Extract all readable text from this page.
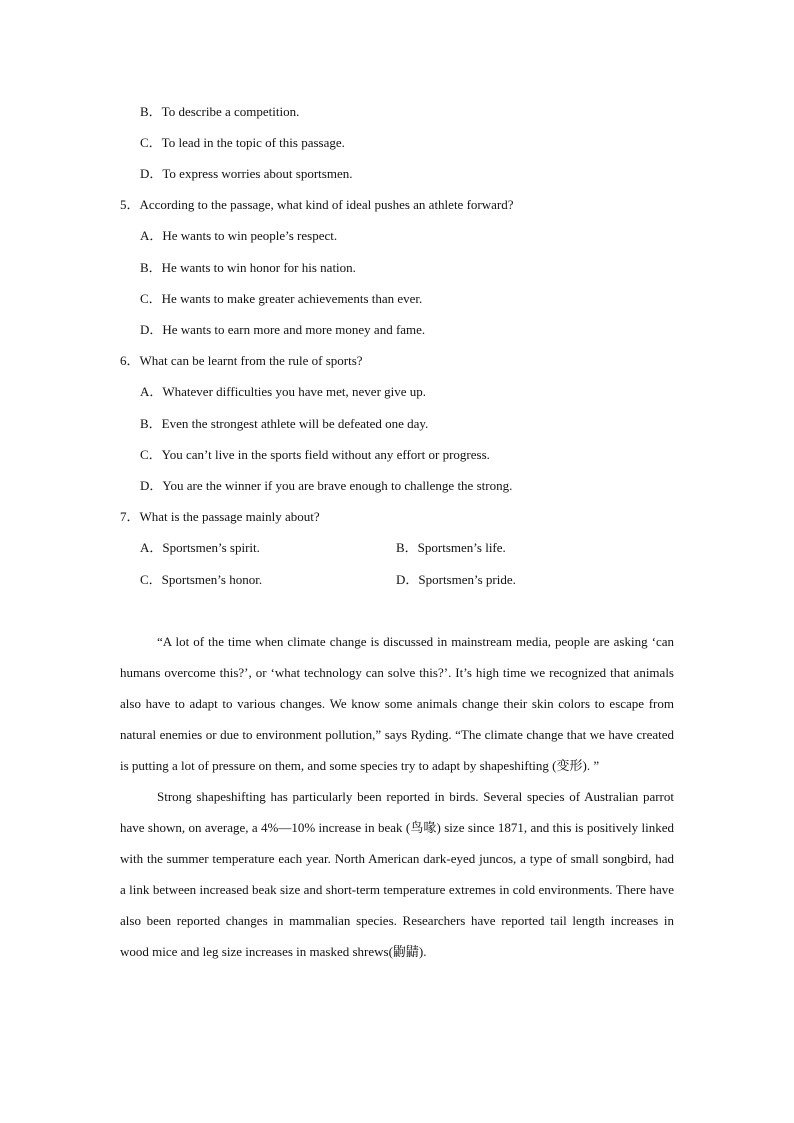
B．To describe a competition.
C．To lead in the topic of this passage.
D．To express worries about sportsmen.
5．According to the passage, what kind of ideal pushes an athlete forward?
A．He wants to win people’s respect.
B．He wants to win honor for his nation.
C．He wants to make greater achievements than ever.
D．He wants to earn more and more money and fame.
6．What can be learnt from the rule of sports?
A．Whatever difficulties you have met, never give up.
B．Even the strongest athlete will be defeated one day.
C．You can’t live in the sports field without any effort or progress.
D．You are the winner if you are brave enough to challenge the strong.
7．What is the passage mainly about?
A．Sportsmen’s spirit.	B．Sportsmen’s life.
C．Sportsmen’s honor.	D．Sportsmen’s pride.

“A lot of the time when climate change is discussed in mainstream media, people are asking ‘can humans overcome this?’, or ‘what technology can solve this?’. It’s high time we recognized that animals also have to adapt to various changes. We know some animals change their skin colors to escape from natural enemies or due to environment pollution,” says Ryding. “The climate change that we have created is putting a lot of pressure on them, and some species try to adapt by shapeshifting (变形). ”

Strong shapeshifting has particularly been reported in birds. Several species of Australian parrot have shown, on average, a 4%—10% increase in beak (鸟喙) size since 1871, and this is positively linked with the summer temperature each year. North American dark-eyed juncos, a type of small songbird, had a link between increased beak size and short-term temperature extremes in cold environments. There have also been reported changes in mammalian species. Researchers have reported tail length increases in wood mice and leg size increases in masked shrews(鼩鼱).
